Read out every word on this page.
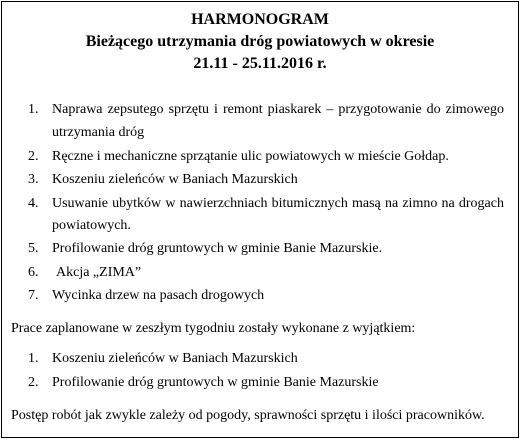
HARMONOGRAM
Bieżącego utrzymania dróg powiatowych w okresie
21.11 - 25.11.2016 r.
1. Naprawa zepsutego sprzętu i remont piaskarek – przygotowanie do zimowego
utrzymania dróg
2. Ręczne i mechaniczne sprzątanie ulic powiatowych w mieście Gołdap.
3. Koszeniu zieleńców w Baniach Mazurskich
4. Usuwanie ubytków w nawierzchniach bitumicznych masą na zimno na drogach
powiatowych.
5. Profilowanie dróg gruntowych w gminie Banie Mazurskie.
6. Akcja „ZIMA”
7. Wycinka drzew na pasach drogowych
Prace zaplanowane w zeszłym tygodniu zostały wykonane z wyjątkiem:
1. Koszeniu zieleńców w Baniach Mazurskich
2. Profilowanie dróg gruntowych w gminie Banie Mazurskie
Postęp robót jak zwykle zależy od pogody, sprawności sprzętu i ilości pracowników.
